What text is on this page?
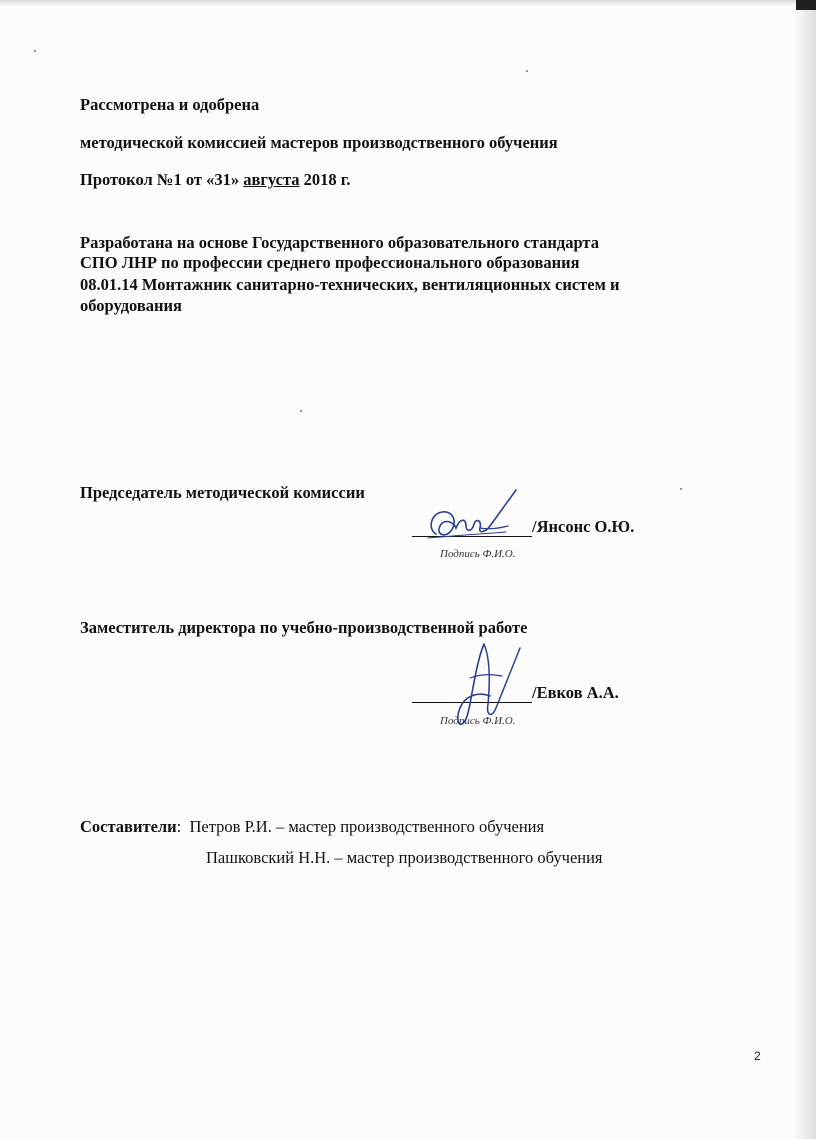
Рассмотрена и одобрена
методической комиссией мастеров производственного обучения
Протокол №1 от «31» августа 2018 г.
Разработана на основе Государственного образовательного стандарта
СПО ЛНР по профессии среднего профессионального образования
08.01.14 Монтажник санитарно-технических, вентиляционных систем и
оборудования
Председатель методической комиссии
/Янсонс О.Ю.
Подпись Ф.И.О.
Заместитель директора по учебно-производственной работе
/Евков А.А.
Подпись Ф.И.О.
Составители: Петров Р.И. – мастер производственного обучения
Пашковский Н.Н. – мастер производственного обучения
2
